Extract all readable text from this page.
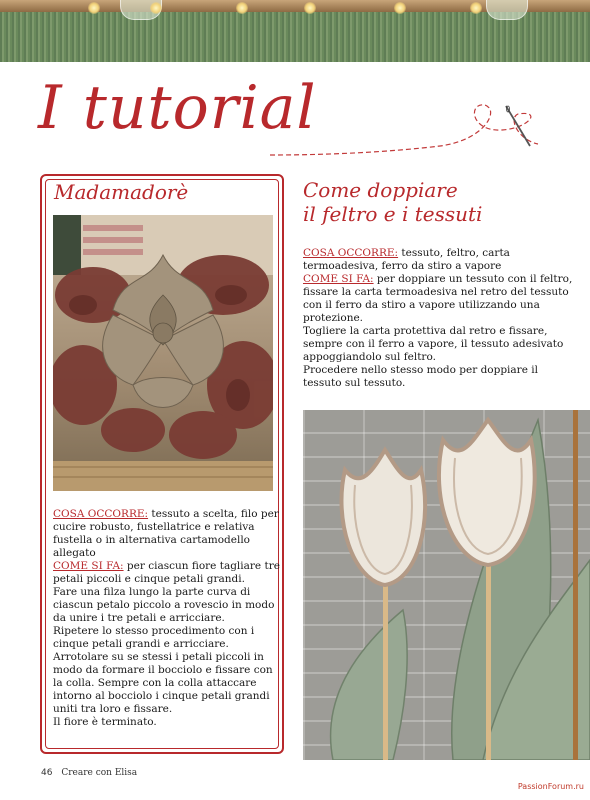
I tutorial
Madamadorè

COSA OCCORRE: tessuto a scelta, filo per cucire robusto, fustellatrice e relativa fustella o in alternativa cartamodello allegato

COME SI FA: per ciascun fiore tagliare tre petali piccoli e cinque petali grandi.

Fare una filza lungo la parte curva di ciascun petalo piccolo a rovescio in modo da unire i tre petali e arricciare.

Ripetere lo stesso procedimento con i cinque petali grandi e arricciare.

Arrotolare su se stessi i petali piccoli in modo da formare il bocciolo e fissare con la colla. Sempre con la colla attaccare intorno al bocciolo i cinque petali grandi uniti tra loro e fissare.

Il fiore è terminato.

Come doppiare
il feltro e i tessuti

COSA OCCORRE: tessuto, feltro, carta termoadesiva, ferro da stiro a vapore

COME SI FA: per doppiare un tessuto con il feltro, fissare la carta termoadesiva nel retro del tessuto con il ferro da stiro a vapore utilizzando una protezione.

Togliere la carta protettiva dal retro e fissare, sempre con il ferro a vapore, il tessuto adesivato appoggiandolo sul feltro.

Procedere nello stesso modo per doppiare il tessuto sul tessuto.

46 Creare con Elisa
PassionForum.ru
